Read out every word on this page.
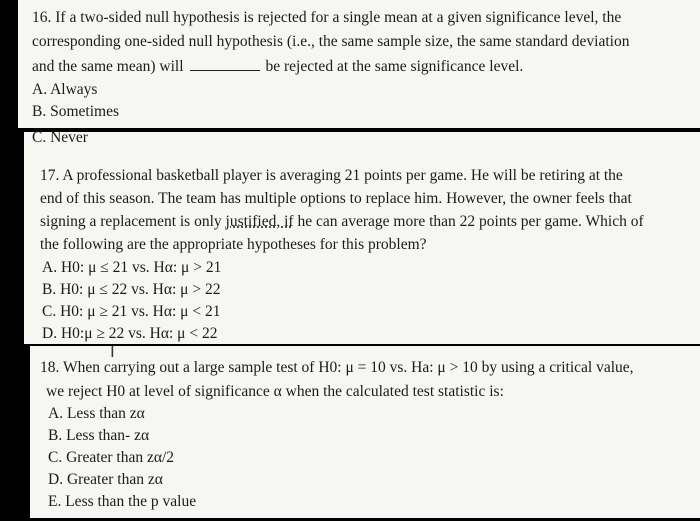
16. If a two-sided null hypothesis is rejected for a single mean at a given significance level, the
corresponding one-sided null hypothesis (i.e., the same sample size, the same standard deviation
and the same mean) will	be rejected at the same significance level.
A. Always
B. Sometimes
C. Never
17. A professional basketball player is averaging 21 points per game. He will be retiring at the
end of this season. The team has multiple options to replace him. However, the owner feels that
signing a replacement is only justified, if he can average more than 22 points per game. Which of
the following are the appropriate hypotheses for this problem?
A. H0: μ ≤ 21 vs. Hα: μ > 21
B. H0: μ ≤ 22 vs. Hα: μ > 22
C. H0: μ ≥ 21 vs. Hα: μ < 21
D. H0:μ ≥ 22 vs. Hα: μ < 22
I
18. When carrying out a large sample test of H0: μ = 10 vs. Ha: μ > 10 by using a critical value,
we reject H0 at level of significance α when the calculated test statistic is:
A. Less than zα
B. Less than- zα
C. Greater than zα/2
D. Greater than zα
E. Less than the p value
